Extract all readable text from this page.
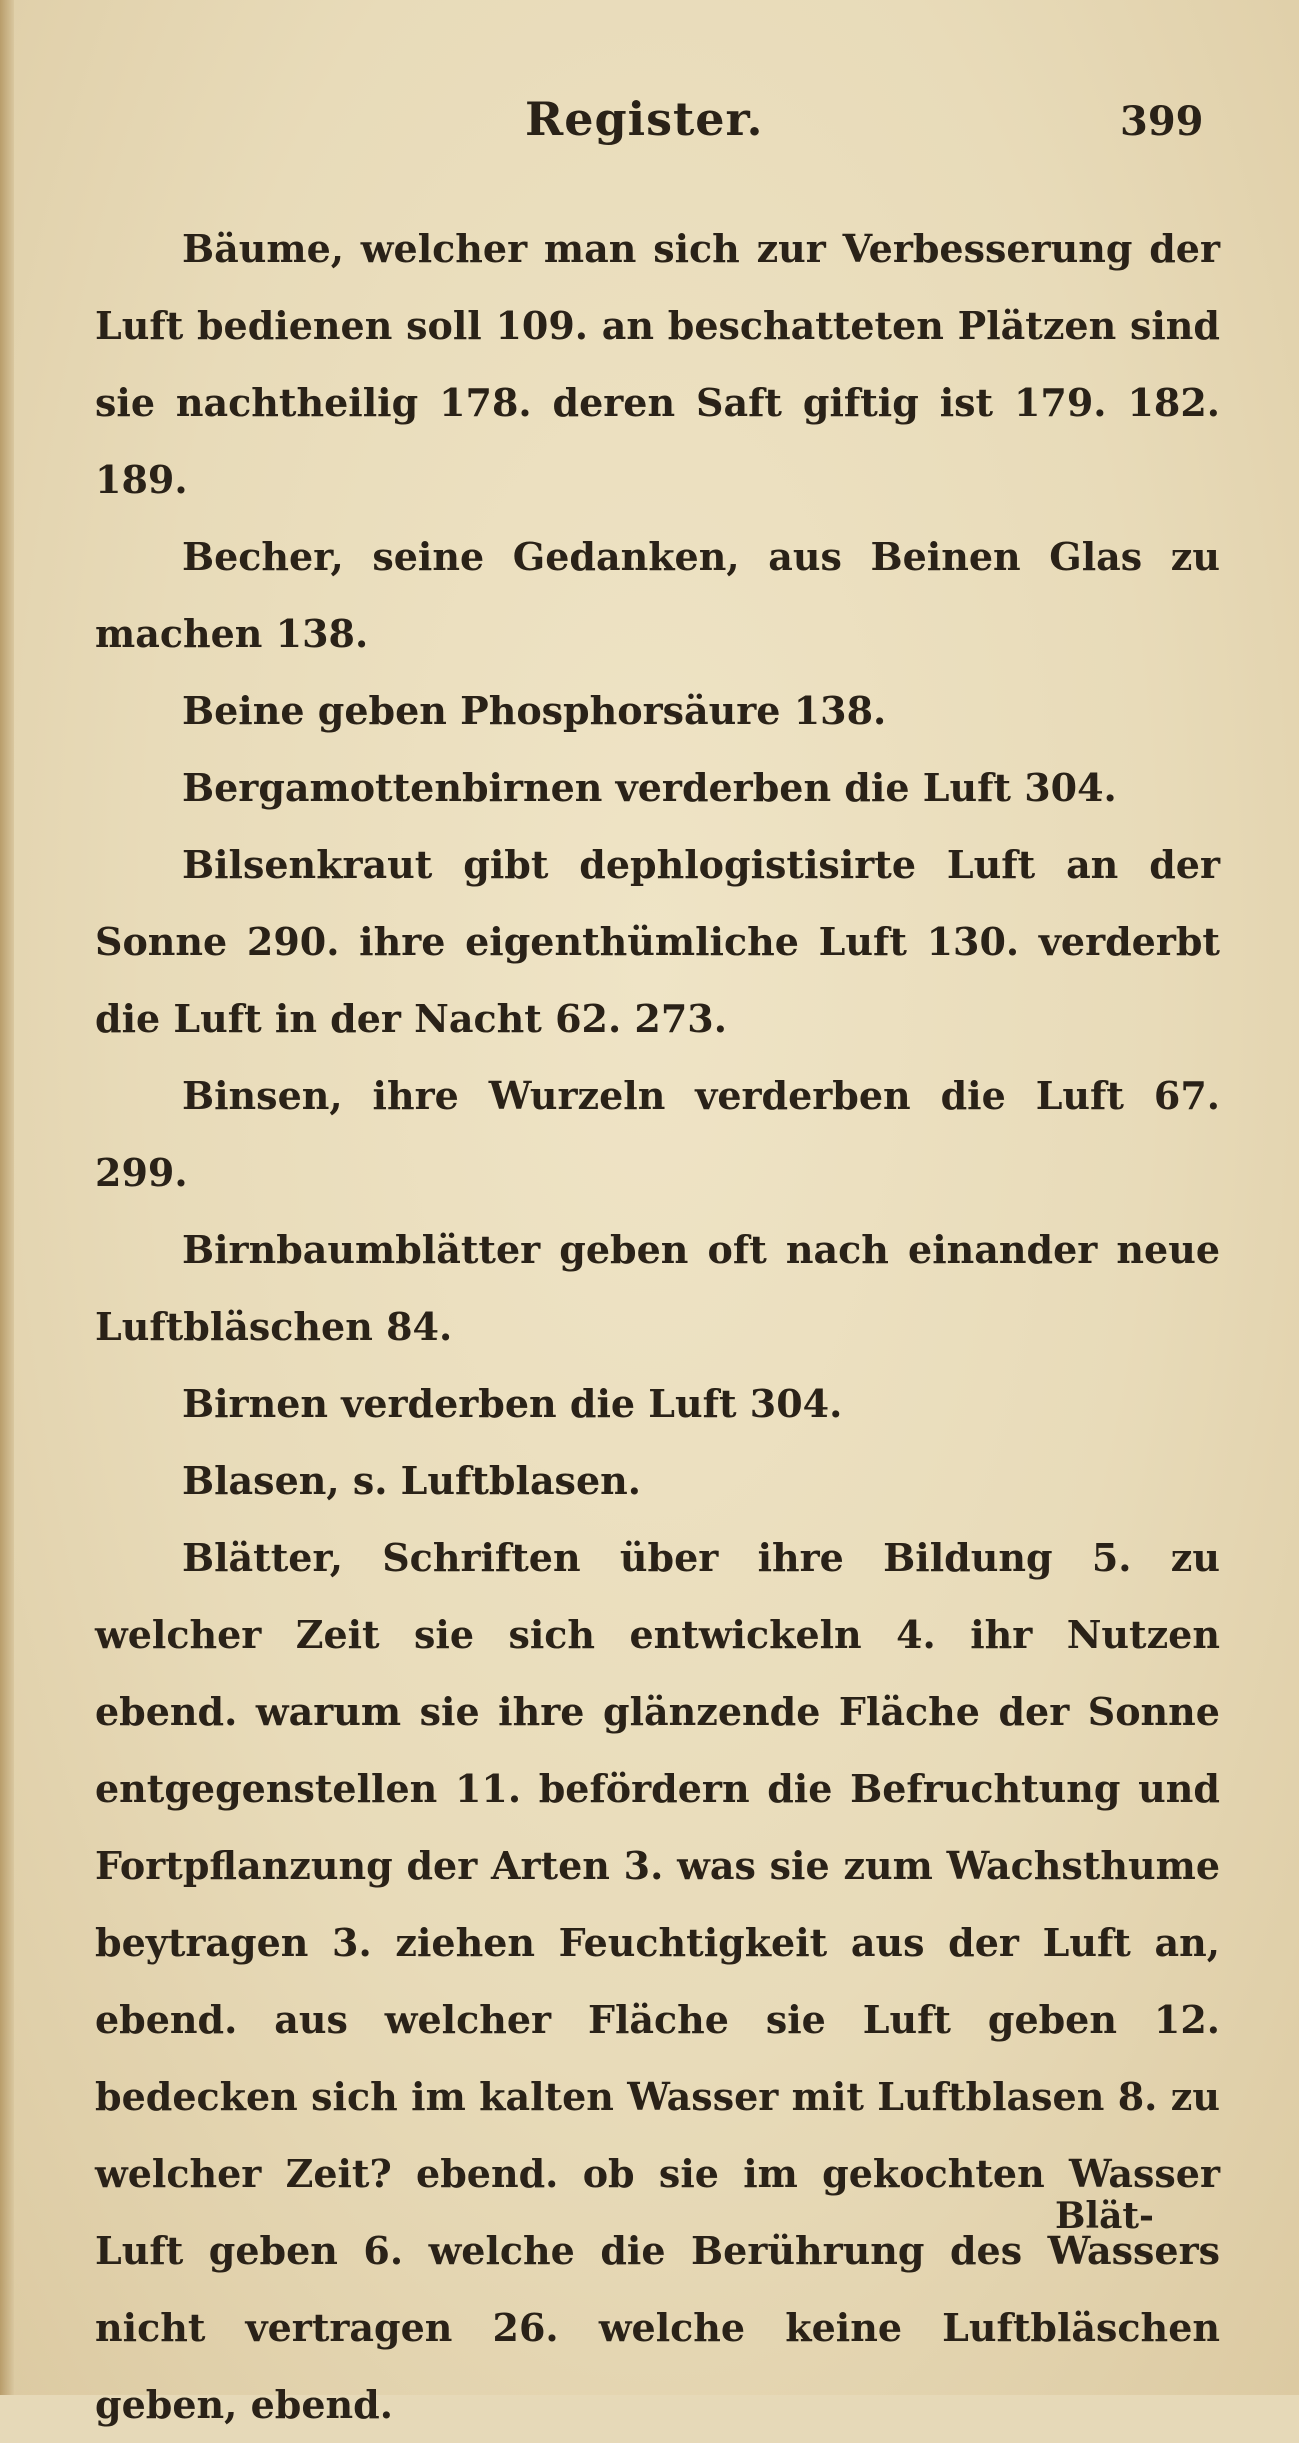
Register.	399

Bäume, welcher man sich zur Verbesserung der Luft bedienen soll 109. an beschatteten Plätzen sind sie nachtheilig 178. deren Saft giftig ist 179. 182. 189.

Becher, seine Gedanken, aus Beinen Glas zu machen 138.

Beine geben Phosphorsäure 138.

Bergamottenbirnen verderben die Luft 304.

Bilsenkraut gibt dephlogistisirte Luft an der Sonne 290. ihre eigenthümliche Luft 130. verderbt die Luft in der Nacht 62. 273.

Binsen, ihre Wurzeln verderben die Luft 67. 299.

Birnbaumblätter geben oft nach einander neue Luftbläschen 84.

Birnen verderben die Luft 304.

Blasen, s. Luftblasen.

Blätter, Schriften über ihre Bildung 5. zu welcher Zeit sie sich entwickeln 4. ihr Nutzen ebend. warum sie ihre glänzende Fläche der Sonne entgegenstellen 11. befördern die Befruchtung und Fortpflanzung der Arten 3. was sie zum Wachsthume beytragen 3. ziehen Feuchtigkeit aus der Luft an, ebend. aus welcher Fläche sie Luft geben 12. bedecken sich im kalten Wasser mit Luftblasen 8. zu welcher Zeit? ebend. ob sie im gekochten Wasser Luft geben 6. welche die Berührung des Wassers nicht vertragen 26. welche keine Luftbläschen geben, ebend.

Blät-
